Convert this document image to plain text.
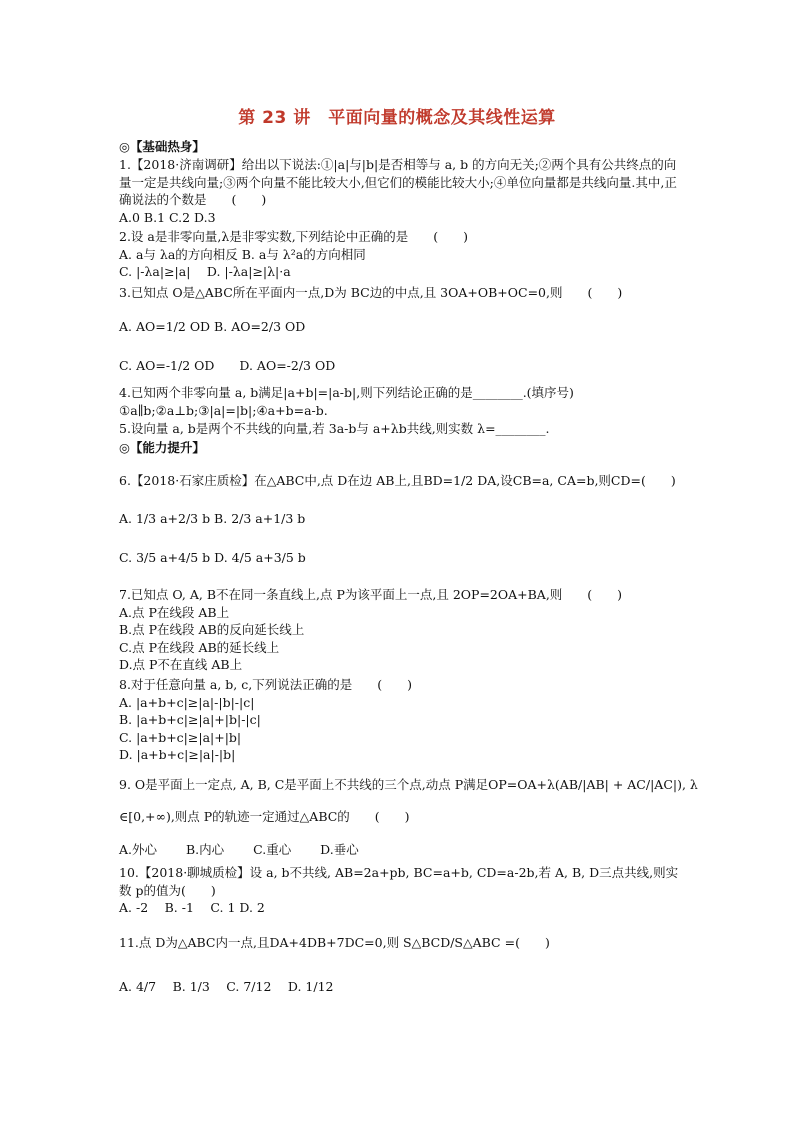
第 23 讲　平面向量的概念及其线性运算
◎【基础热身】
1.【2018·济南调研】给出以下说法:①|a|与|b|是否相等与 a, b 的方向无关;②两个具有公共终点的向量一定是共线向量;③两个向量不能比较大小,但它们的模能比较大小;④单位向量都是共线向量.其中,正确说法的个数是　　(　　)
A.0 B.1 C.2 D.3
2.设 a是非零向量,λ是非零实数,下列结论中正确的是　　(　　)
A. a与 λa的方向相反 B. a与 λ²a的方向相同
C. |-λa|≥|a|　 D. |-λa|≥|λ|·a
3.已知点 O是△ABC所在平面内一点,D为 BC边的中点,且 3OA+OB+OC=0,则　　(　　)
A. AO=1/2 OD B. AO=2/3 OD
C. AO=-1/2 OD　　D. AO=-2/3 OD
4.已知两个非零向量 a, b满足|a+b|=|a-b|,则下列结论正确的是________.(填序号)
①a∥b;②a⊥b;③|a|=|b|;④a+b=a-b.
5.设向量 a, b是两个不共线的向量,若 3a-b与 a+λb共线,则实数 λ=________.
◎【能力提升】
6.【2018·石家庄质检】在△ABC中,点 D在边 AB上,且BD=1/2 DA,设CB=a, CA=b,则CD=(　　)
A. 1/3 a+2/3 b B. 2/3 a+1/3 b
C. 3/5 a+4/5 b D. 4/5 a+3/5 b
7.已知点 O, A, B不在同一条直线上,点 P为该平面上一点,且 2OP=2OA+BA,则　　(　　)
A.点 P在线段 AB上
B.点 P在线段 AB的反向延长线上
C.点 P在线段 AB的延长线上
D.点 P不在直线 AB上
8.对于任意向量 a, b, c,下列说法正确的是　　(　　)
A. |a+b+c|≥|a|-|b|-|c|
B. |a+b+c|≥|a|+|b|-|c|
C. |a+b+c|≥|a|+|b|
D. |a+b+c|≥|a|-|b|
9. O是平面上一定点, A, B, C是平面上不共线的三个点,动点 P满足OP=OA+λ(AB/|AB| + AC/|AC|), λ
∈[0,+∞),则点 P的轨迹一定通过△ABC的　　(　　)
A.外心　　 B.内心　　 C.重心　　 D.垂心
10.【2018·聊城质检】设 a, b不共线, AB=2a+pb, BC=a+b, CD=a-2b,若 A, B, D三点共线,则实数 p的值为(　　)
A. -2　 B. -1　 C. 1 D. 2
11.点 D为△ABC内一点,且DA+4DB+7DC=0,则 S△BCD/S△ABC =(　　)
A. 4/7　 B. 1/3　 C. 7/12　 D. 1/12
